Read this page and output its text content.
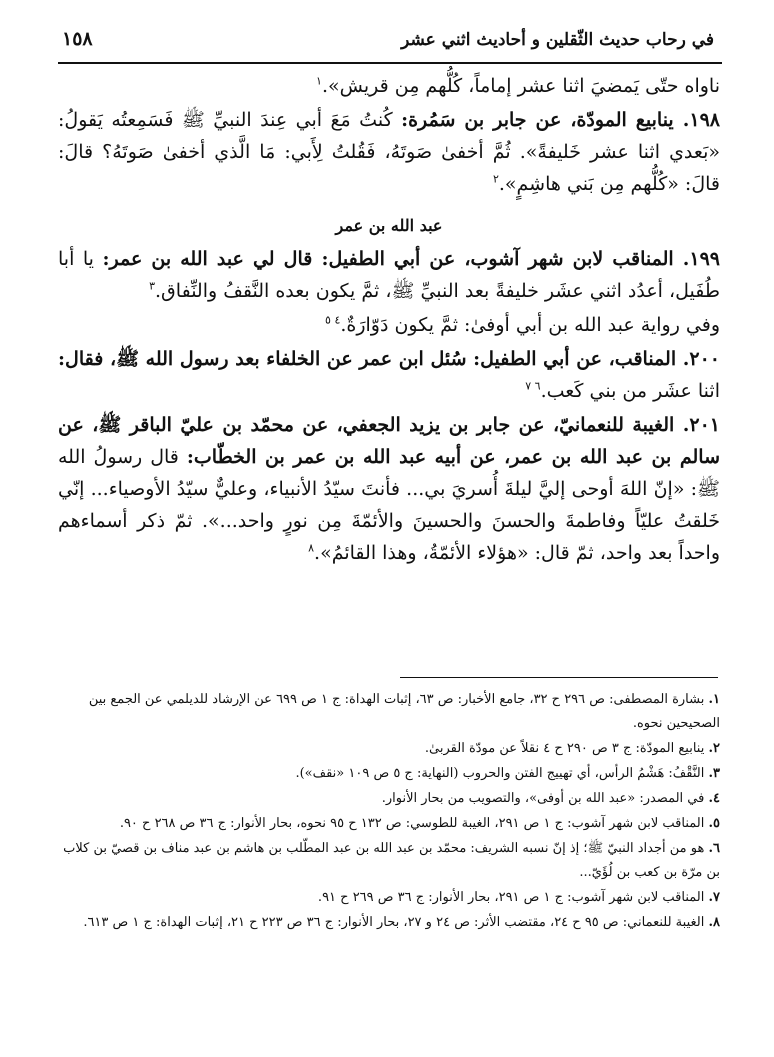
في رحاب حديث الثّقلين و أحاديث اثني عشر
١٥٨

ناواه حتّى يَمضيَ اثنا عشر إماماً، كُلُّهم مِن قريش».$^١$

١٩٨. ينابيع المودّة، عن جابر بن سَمُرة: كُنتُ مَعَ أبي عِندَ النبيِّ ﷺ فَسَمِعتُه يَقولُ: «بَعدي اثنا عشر خَليفةً». ثُمَّ أخفىٰ صَوتَهُ، فَقُلتُ لِأَبي: مَا الَّذي أخفىٰ صَوتَهُ؟ قالَ: قالَ: «كُلُّهم مِن بَني هاشِمٍ».$^٢$

عبد الله بن عمر

١٩٩. المناقب لابن شهر آشوب، عن أبي الطفيل: قال لي عبد الله بن عمر: يا أبا طُفَيل، أعدُد اثني عشَر خليفةً بعد النبيِّ ﷺ، ثمَّ يكون بعده النَّقفُ والنِّفاق.$^٣$

وفي رواية عبد الله بن أبي أوفىٰ: ثمَّ يكون دَوّارَةٌ.$^{٤ ٥}$

٢٠٠. المناقب، عن أبي الطفيل: سُئل ابن عمر عن الخلفاء بعد رسول الله ﷺ، فقال: اثنا عشَر من بني كَعب.$^{٦ ٧}$

٢٠١. الغيبة للنعمانيّ، عن جابر بن يزيد الجعفي، عن محمّد بن عليّ الباقر ﷺ، عن سالم بن عبد الله بن عمر، عن أبيه عبد الله بن عمر بن الخطّاب: قال رسولُ الله ﷺ: «إنّ اللهَ أوحى إليَّ ليلةَ أُسريَ بي... فأنتَ سيّدُ الأنبياء، وعليٌّ سيّدُ الأوصياء... إنّي خَلقتُ عليّاً وفاطمةَ والحسنَ والحسينَ والأئمّةَ مِن نورٍ واحد...». ثمّ ذكر أسماءهم واحداً بعد واحد، ثمّ قال: «هؤلاء الأئمّةُ، وهذا القائمُ».$^٨$

١. بشارة المصطفى: ص ٢٩٦ ح ٣٢، جامع الأخبار: ص ٦٣، إثبات الهداة: ج ١ ص ٦٩٩ عن الإرشاد للديلمي عن الجمع بين الصحيحين نحوه.

٢. ينابيع المودّة: ج ٣ ص ٢٩٠ ح ٤ نقلاً عن مودّة القربىٰ.

٣. النَّقْفُ: هَشْمُ الرأس، أي تهييج الفتن والحروب (النهاية: ج ٥ ص ١٠٩ «نقف»).

٤. في المصدر: «عبد الله بن أوفى»، والتصويب من بحار الأنوار.

٥. المناقب لابن شهر آشوب: ج ١ ص ٢٩١، الغيبة للطوسي: ص ١٣٢ ح ٩٥ نحوه، بحار الأنوار: ج ٣٦ ص ٢٦٨ ح ٩٠.

٦. هو من أجداد النبيّ ﷺ؛ إذ إنّ نسبه الشريف: محمّد بن عبد الله بن عبد المطّلب بن هاشم بن عبد مناف بن قصيّ بن كلاب بن مرّة بن كعب بن لُؤَيّ...

٧. المناقب لابن شهر آشوب: ج ١ ص ٢٩١، بحار الأنوار: ج ٣٦ ص ٢٦٩ ح ٩١.

٨. الغيبة للنعماني: ص ٩٥ ح ٢٤، مقتضب الأثر: ص ٢٤ و ٢٧، بحار الأنوار: ج ٣٦ ص ٢٢٣ ح ٢١، إثبات الهداة: ج ١ ص ٦١٣.
